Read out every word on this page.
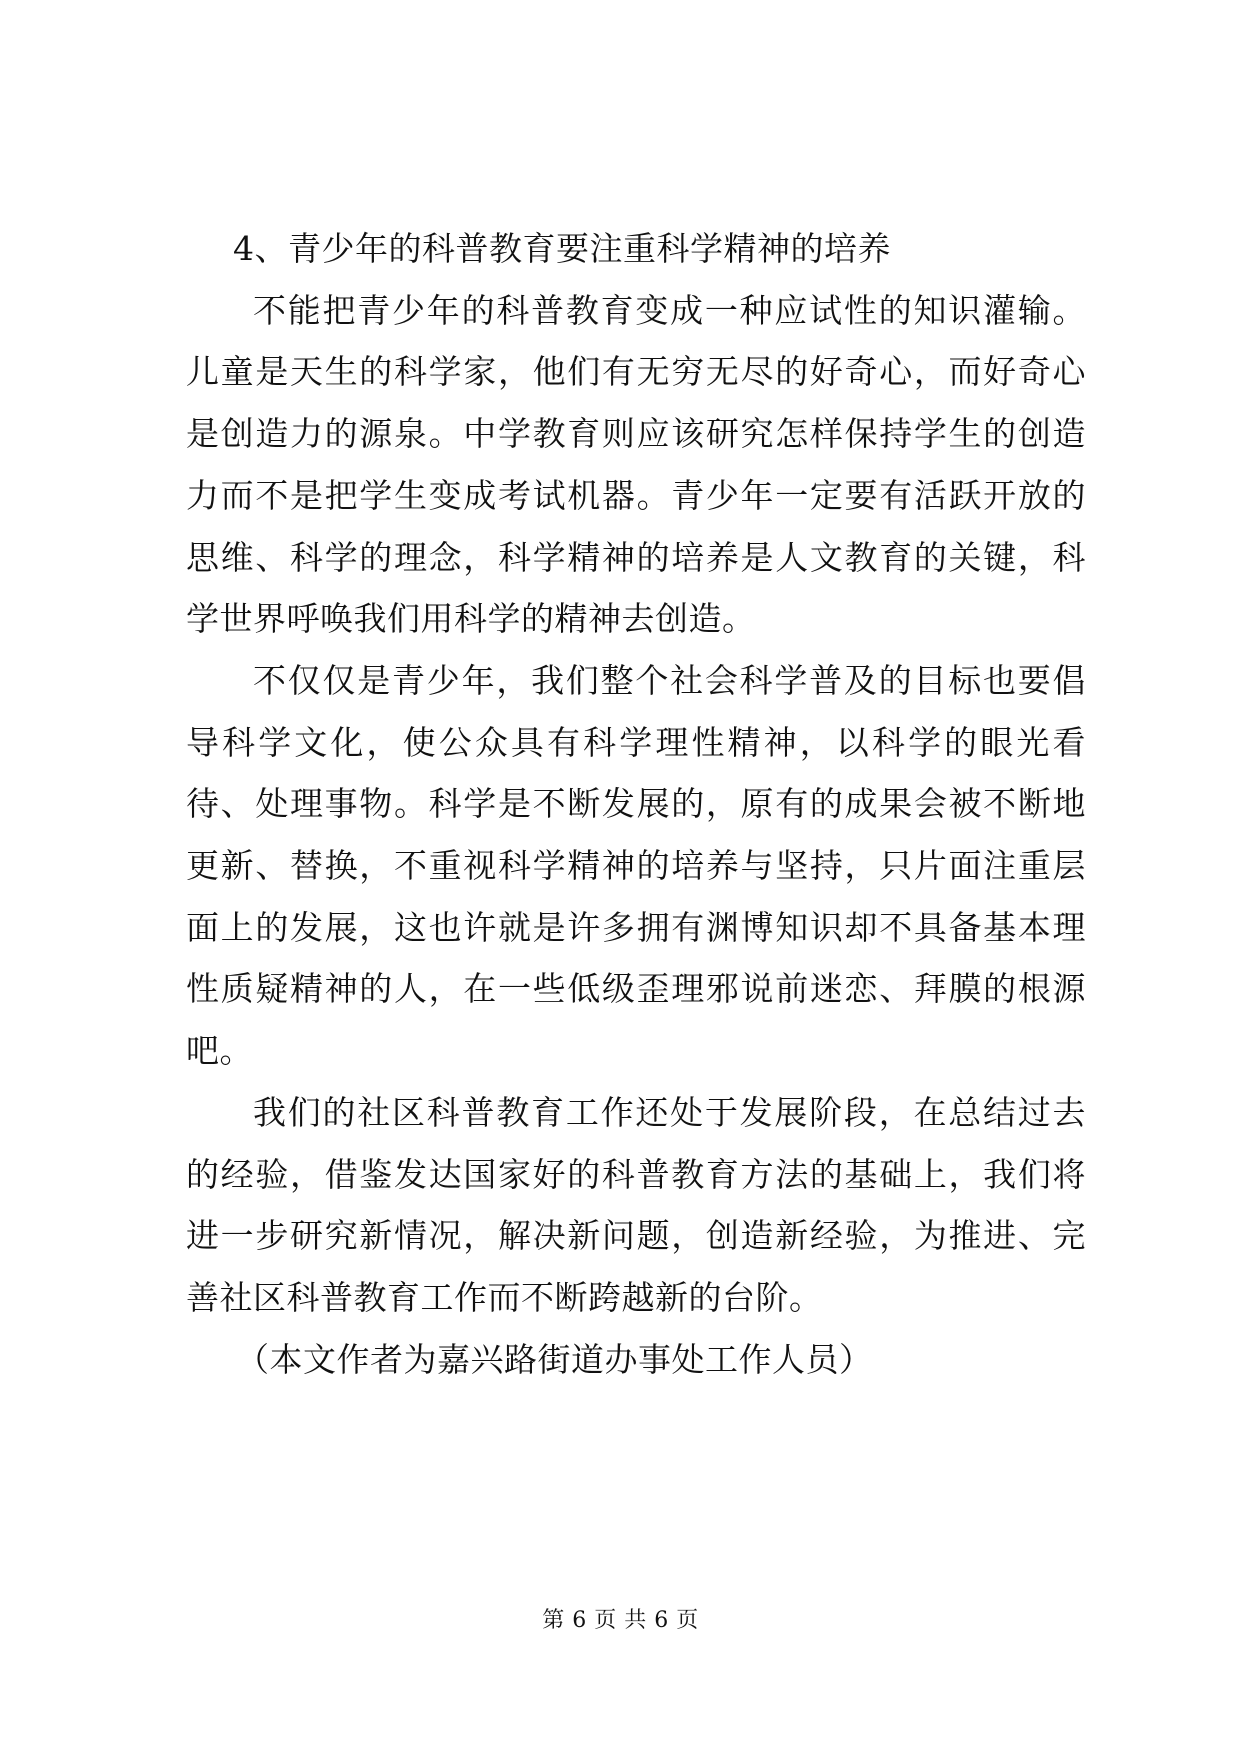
4、青少年的科普教育要注重科学精神的培养

不能把青少年的科普教育变成一种应试性的知识灌输。儿童是天生的科学家，他们有无穷无尽的好奇心，而好奇心是创造力的源泉。中学教育则应该研究怎样保持学生的创造力而不是把学生变成考试机器。青少年一定要有活跃开放的思维、科学的理念，科学精神的培养是人文教育的关键，科学世界呼唤我们用科学的精神去创造。

不仅仅是青少年，我们整个社会科学普及的目标也要倡导科学文化，使公众具有科学理性精神，以科学的眼光看待、处理事物。科学是不断发展的，原有的成果会被不断地更新、替换，不重视科学精神的培养与坚持，只片面注重层面上的发展，这也许就是许多拥有渊博知识却不具备基本理性质疑精神的人，在一些低级歪理邪说前迷恋、拜膜的根源吧。

我们的社区科普教育工作还处于发展阶段，在总结过去的经验，借鉴发达国家好的科普教育方法的基础上，我们将进一步研究新情况，解决新问题，创造新经验，为推进、完善社区科普教育工作而不断跨越新的台阶。

（本文作者为嘉兴路街道办事处工作人员）

第 6 页 共 6 页
